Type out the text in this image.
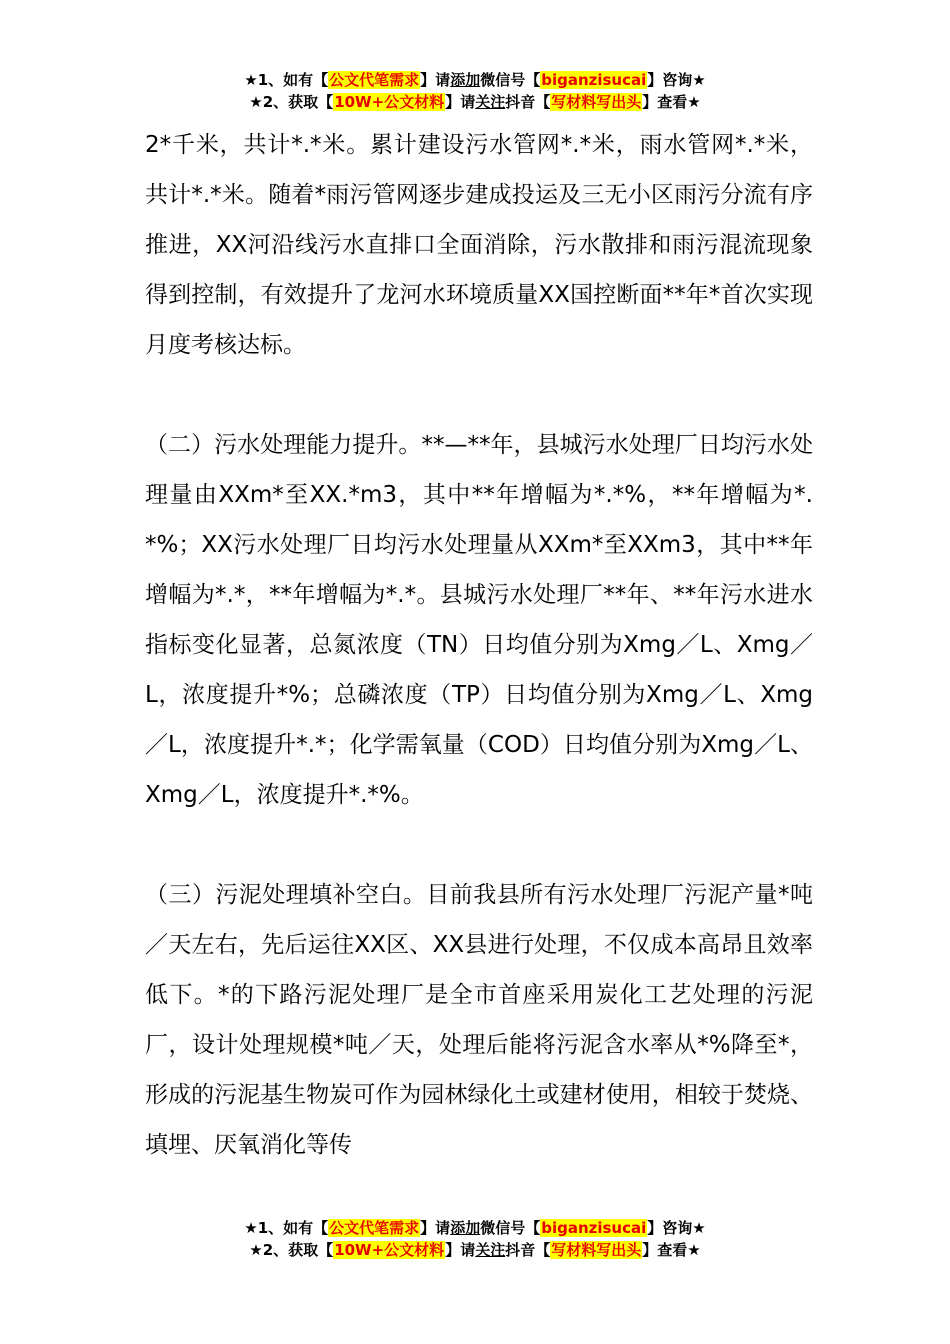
★1、如有【公文代笔需求】请添加微信号【biganzisucai】咨询★
★2、获取【10W+公文材料】请关注抖音【写材料写出头】查看★

2*千米，共计*.*米。累计建设污水管网*.*米，雨水管网*.*米，共计*.*米。随着*雨污管网逐步建成投运及三无小区雨污分流有序推进，XX河沿线污水直排口全面消除，污水散排和雨污混流现象得到控制，有效提升了龙河水环境质量XX国控断面**年*首次实现月度考核达标。

（二）污水处理能力提升。**—**年，县城污水处理厂日均污水处理量由XXm*至XX.*m3，其中**年增幅为*.*%，**年增幅为*.*%；XX污水处理厂日均污水处理量从XXm*至XXm3，其中**年增幅为*.*，**年增幅为*.*。县城污水处理厂**年、**年污水进水指标变化显著，总氮浓度（TN）日均值分别为Xmg／L、Xmg／L，浓度提升*%；总磷浓度（TP）日均值分别为Xmg／L、Xmg／L，浓度提升*.*；化学需氧量（COD）日均值分别为Xmg／L、Xmg／L，浓度提升*.*%。

（三）污泥处理填补空白。目前我县所有污水处理厂污泥产量*吨／天左右，先后运往XX区、XX县进行处理，不仅成本高昂且效率低下。*的下路污泥处理厂是全市首座采用炭化工艺处理的污泥厂，设计处理规模*吨／天，处理后能将污泥含水率从*%降至*，形成的污泥基生物炭可作为园林绿化土或建材使用，相较于焚烧、填埋、厌氧消化等传

★1、如有【公文代笔需求】请添加微信号【biganzisucai】咨询★
★2、获取【10W+公文材料】请关注抖音【写材料写出头】查看★
